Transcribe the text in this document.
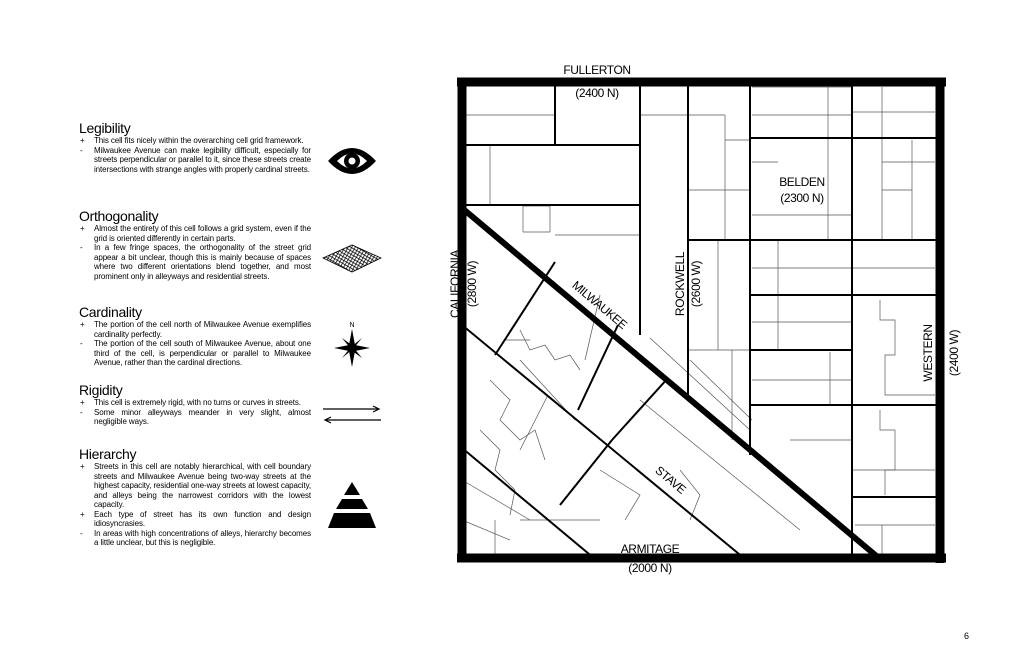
Legibility
+ This cell fits nicely within the overarching cell grid framework.
- Milwaukee Avenue can make legibility difficult, especially for streets perpendicular or parallel to it, since these streets create intersections with strange angles with properly cardinal streets.
Orthogonality
+ Almost the entirety of this cell follows a grid system, even if the grid is oriented differently in certain parts.
- In a few fringe spaces, the orthogonality of the street grid appear a bit unclear, though this is mainly because of spaces where two different orientations blend together, and most prominent only in alleyways and residential streets.
Cardinality
+ The portion of the cell north of Milwaukee Avenue exemplifies cardinality perfectly.
- The portion of the cell south of Milwaukee Avenue, about one third of the cell, is perpendicular or parallel to Milwaukee Avenue, rather than the cardinal directions.
Rigidity
+ This cell is extremely rigid, with no turns or curves in streets.
- Some minor alleyways meander in very slight, almost negligible ways.
Hierarchy
+ Streets in this cell are notably hierarchical, with cell boundary streets and Milwaukee Avenue being two-way streets at the highest capacity, residential one-way streets at lowest capacity, and alleys being the narrowest corridors with the lowest capacity.
+ Each type of street has its own function and design idiosyncrasies.
- In areas with high concentrations of alleys, hierarchy becomes a little unclear, but this is negligible.
N
FULLERTON
(2400 N)
ARMITAGE
(2000 N)
BELDEN
(2300 N)
CALIFORNIA (2800 W)	ROCKWELL (2600 W)
WESTERN (2400 W)
MILWAUKEE
STAVE
6
